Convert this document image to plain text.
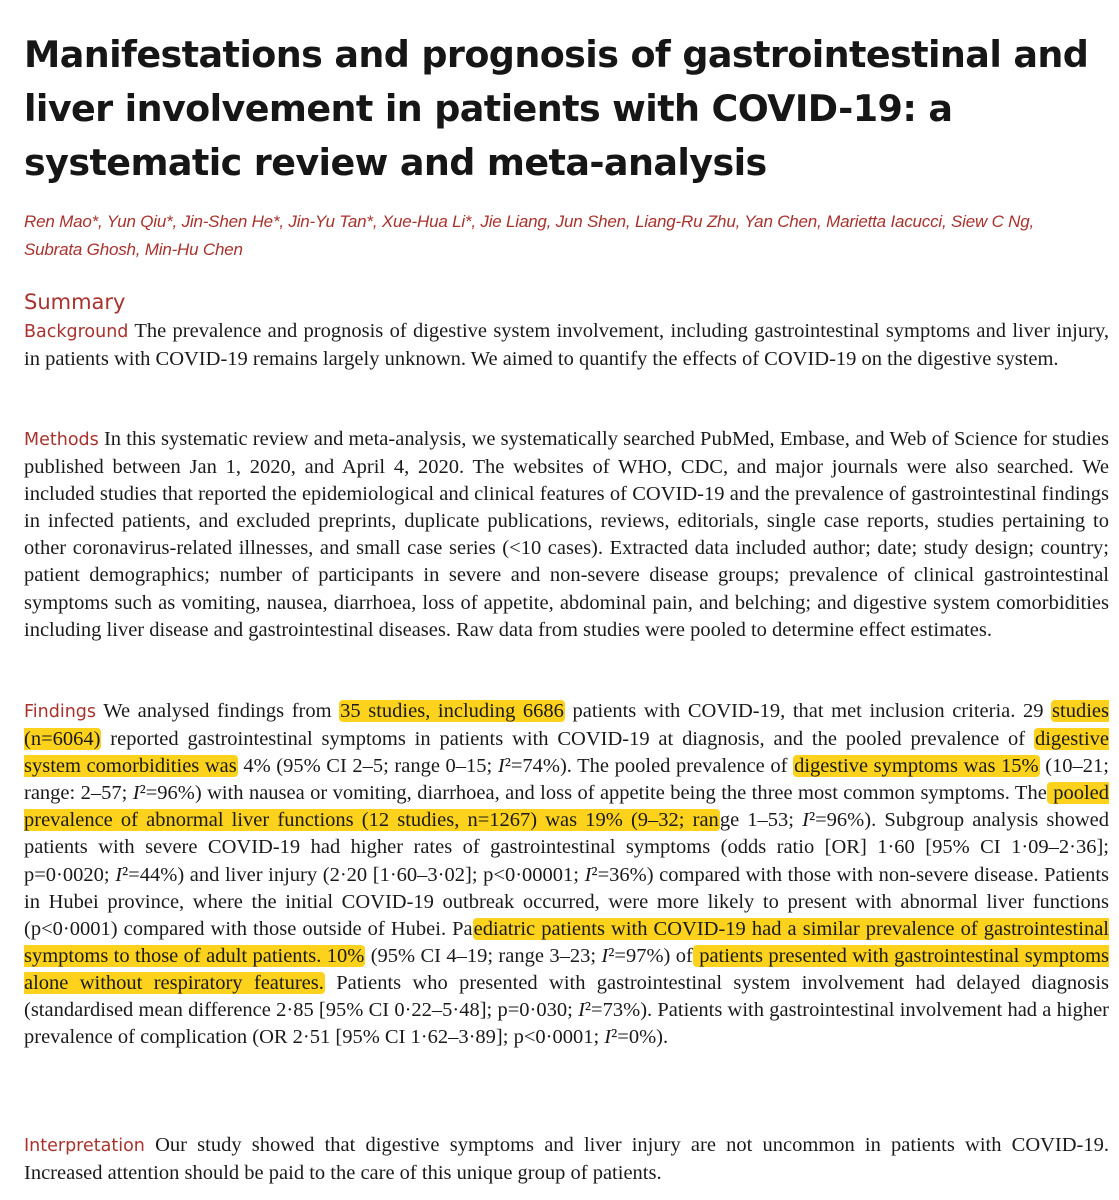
Manifestations and prognosis of gastrointestinal and liver involvement in patients with COVID-19: a systematic review and meta-analysis

Ren Mao*, Yun Qiu*, Jin-Shen He*, Jin-Yu Tan*, Xue-Hua Li*, Jie Liang, Jun Shen, Liang-Ru Zhu, Yan Chen, Marietta Iacucci, Siew C Ng, Subrata Ghosh, Min-Hu Chen

Summary

Background The prevalence and prognosis of digestive system involvement, including gastrointestinal symptoms and liver injury, in patients with COVID-19 remains largely unknown. We aimed to quantify the effects of COVID-19 on the digestive system.

Methods In this systematic review and meta-analysis, we systematically searched PubMed, Embase, and Web of Science for studies published between Jan 1, 2020, and April 4, 2020. The websites of WHO, CDC, and major journals were also searched. We included studies that reported the epidemiological and clinical features of COVID-19 and the prevalence of gastrointestinal findings in infected patients, and excluded preprints, duplicate publications, reviews, editorials, single case reports, studies pertaining to other coronavirus-related illnesses, and small case series (<10 cases). Extracted data included author; date; study design; country; patient demographics; number of participants in severe and non-severe disease groups; prevalence of clinical gastrointestinal symptoms such as vomiting, nausea, diarrhoea, loss of appetite, abdominal pain, and belching; and digestive system comorbidities including liver disease and gastrointestinal diseases. Raw data from studies were pooled to determine effect estimates.

Findings We analysed findings from 35 studies, including 6686 patients with COVID-19, that met inclusion criteria. 29 studies (n=6064) reported gastrointestinal symptoms in patients with COVID-19 at diagnosis, and the pooled prevalence of digestive system comorbidities was 4% (95% CI 2–5; range 0–15; I²=74%). The pooled prevalence of digestive symptoms was 15% (10–21; range: 2–57; I²=96%) with nausea or vomiting, diarrhoea, and loss of appetite being the three most common symptoms. The pooled prevalence of abnormal liver functions (12 studies, n=1267) was 19% (9–32; range 1–53; I²=96%). Subgroup analysis showed patients with severe COVID-19 had higher rates of gastrointestinal symptoms (odds ratio [OR] 1·60 [95% CI 1·09–2·36]; p=0·0020; I²=44%) and liver injury (2·20 [1·60–3·02]; p<0·00001; I²=36%) compared with those with non-severe disease. Patients in Hubei province, where the initial COVID-19 outbreak occurred, were more likely to present with abnormal liver functions (p<0·0001) compared with those outside of Hubei. Paediatric patients with COVID-19 had a similar prevalence of gastrointestinal symptoms to those of adult patients. 10% (95% CI 4–19; range 3–23; I²=97%) of patients presented with gastrointestinal symptoms alone without respiratory features. Patients who presented with gastrointestinal system involvement had delayed diagnosis (standardised mean difference 2·85 [95% CI 0·22–5·48]; p=0·030; I²=73%). Patients with gastrointestinal involvement had a higher prevalence of complication (OR 2·51 [95% CI 1·62–3·89]; p<0·0001; I²=0%).

Interpretation Our study showed that digestive symptoms and liver injury are not uncommon in patients with COVID-19. Increased attention should be paid to the care of this unique group of patients.
